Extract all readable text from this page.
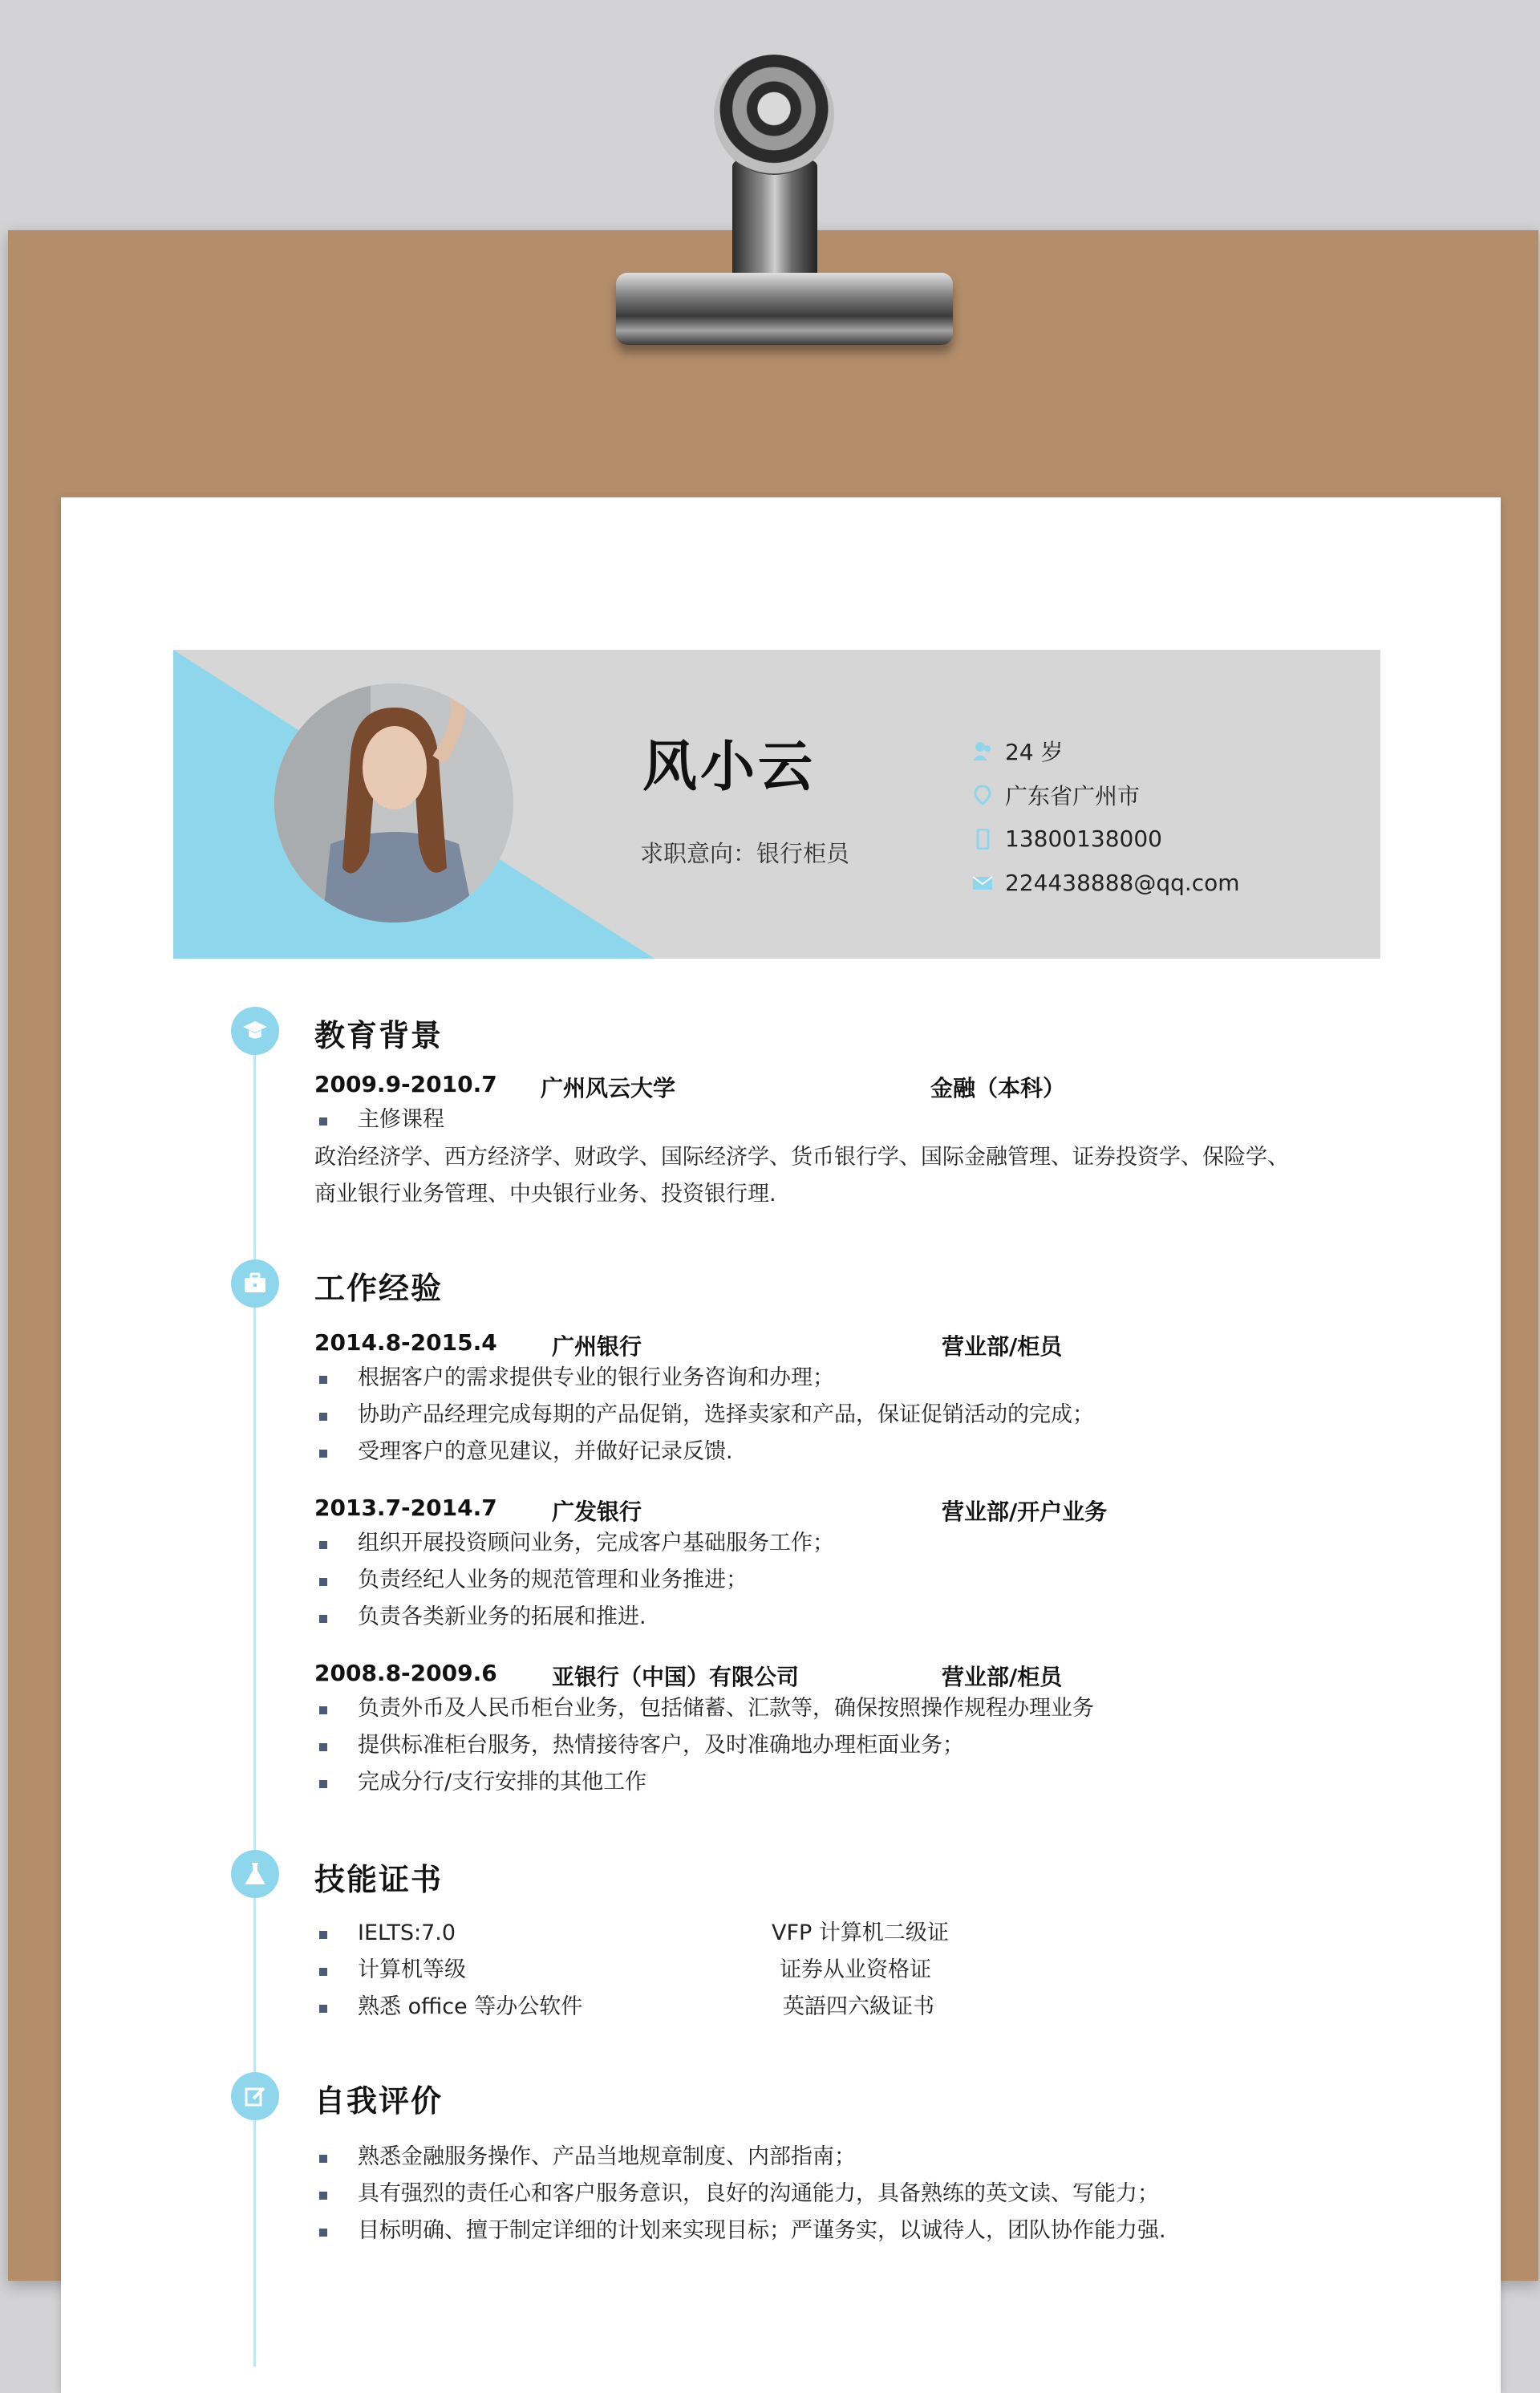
风小云
求职意向：银行柜员
24 岁
广东省广州市
13800138000
224438888@qq.com
教育背景
2009.9-2010.7 广州风云大学	金融（本科）
主修课程
政治经济学、西方经济学、财政学、国际经济学、货币银行学、国际金融管理、证券投资学、保险学、
商业银行业务管理、中央银行业务、投资银行理.
工作经验
2014.8-2015.4 广州银行	营业部/柜员
根据客户的需求提供专业的银行业务咨询和办理；
协助产品经理完成每期的产品促销，选择卖家和产品，保证促销活动的完成；
受理客户的意见建议，并做好记录反馈.
2013.7-2014.7 广发银行	营业部/开户业务
组织开展投资顾问业务，完成客户基础服务工作；
负责经纪人业务的规范管理和业务推进；
负责各类新业务的拓展和推进.
2008.8-2009.6 亚银行（中国）有限公司	营业部/柜员
负责外币及人民币柜台业务，包括储蓄、汇款等，确保按照操作规程办理业务
提供标准柜台服务，热情接待客户，及时准确地办理柜面业务；
完成分行/支行安排的其他工作
技能证书
IELTS:7.0	VFP 计算机二级证
计算机等级	证券从业资格证
熟悉 office 等办公软件	英語四六級证书
自我评价
熟悉金融服务操作、产品当地规章制度、内部指南；
具有强烈的责任心和客户服务意识，良好的沟通能力，具备熟练的英文读、写能力；
目标明确、擅于制定详细的计划来实现目标；严谨务实，以诚待人，团队协作能力强.
